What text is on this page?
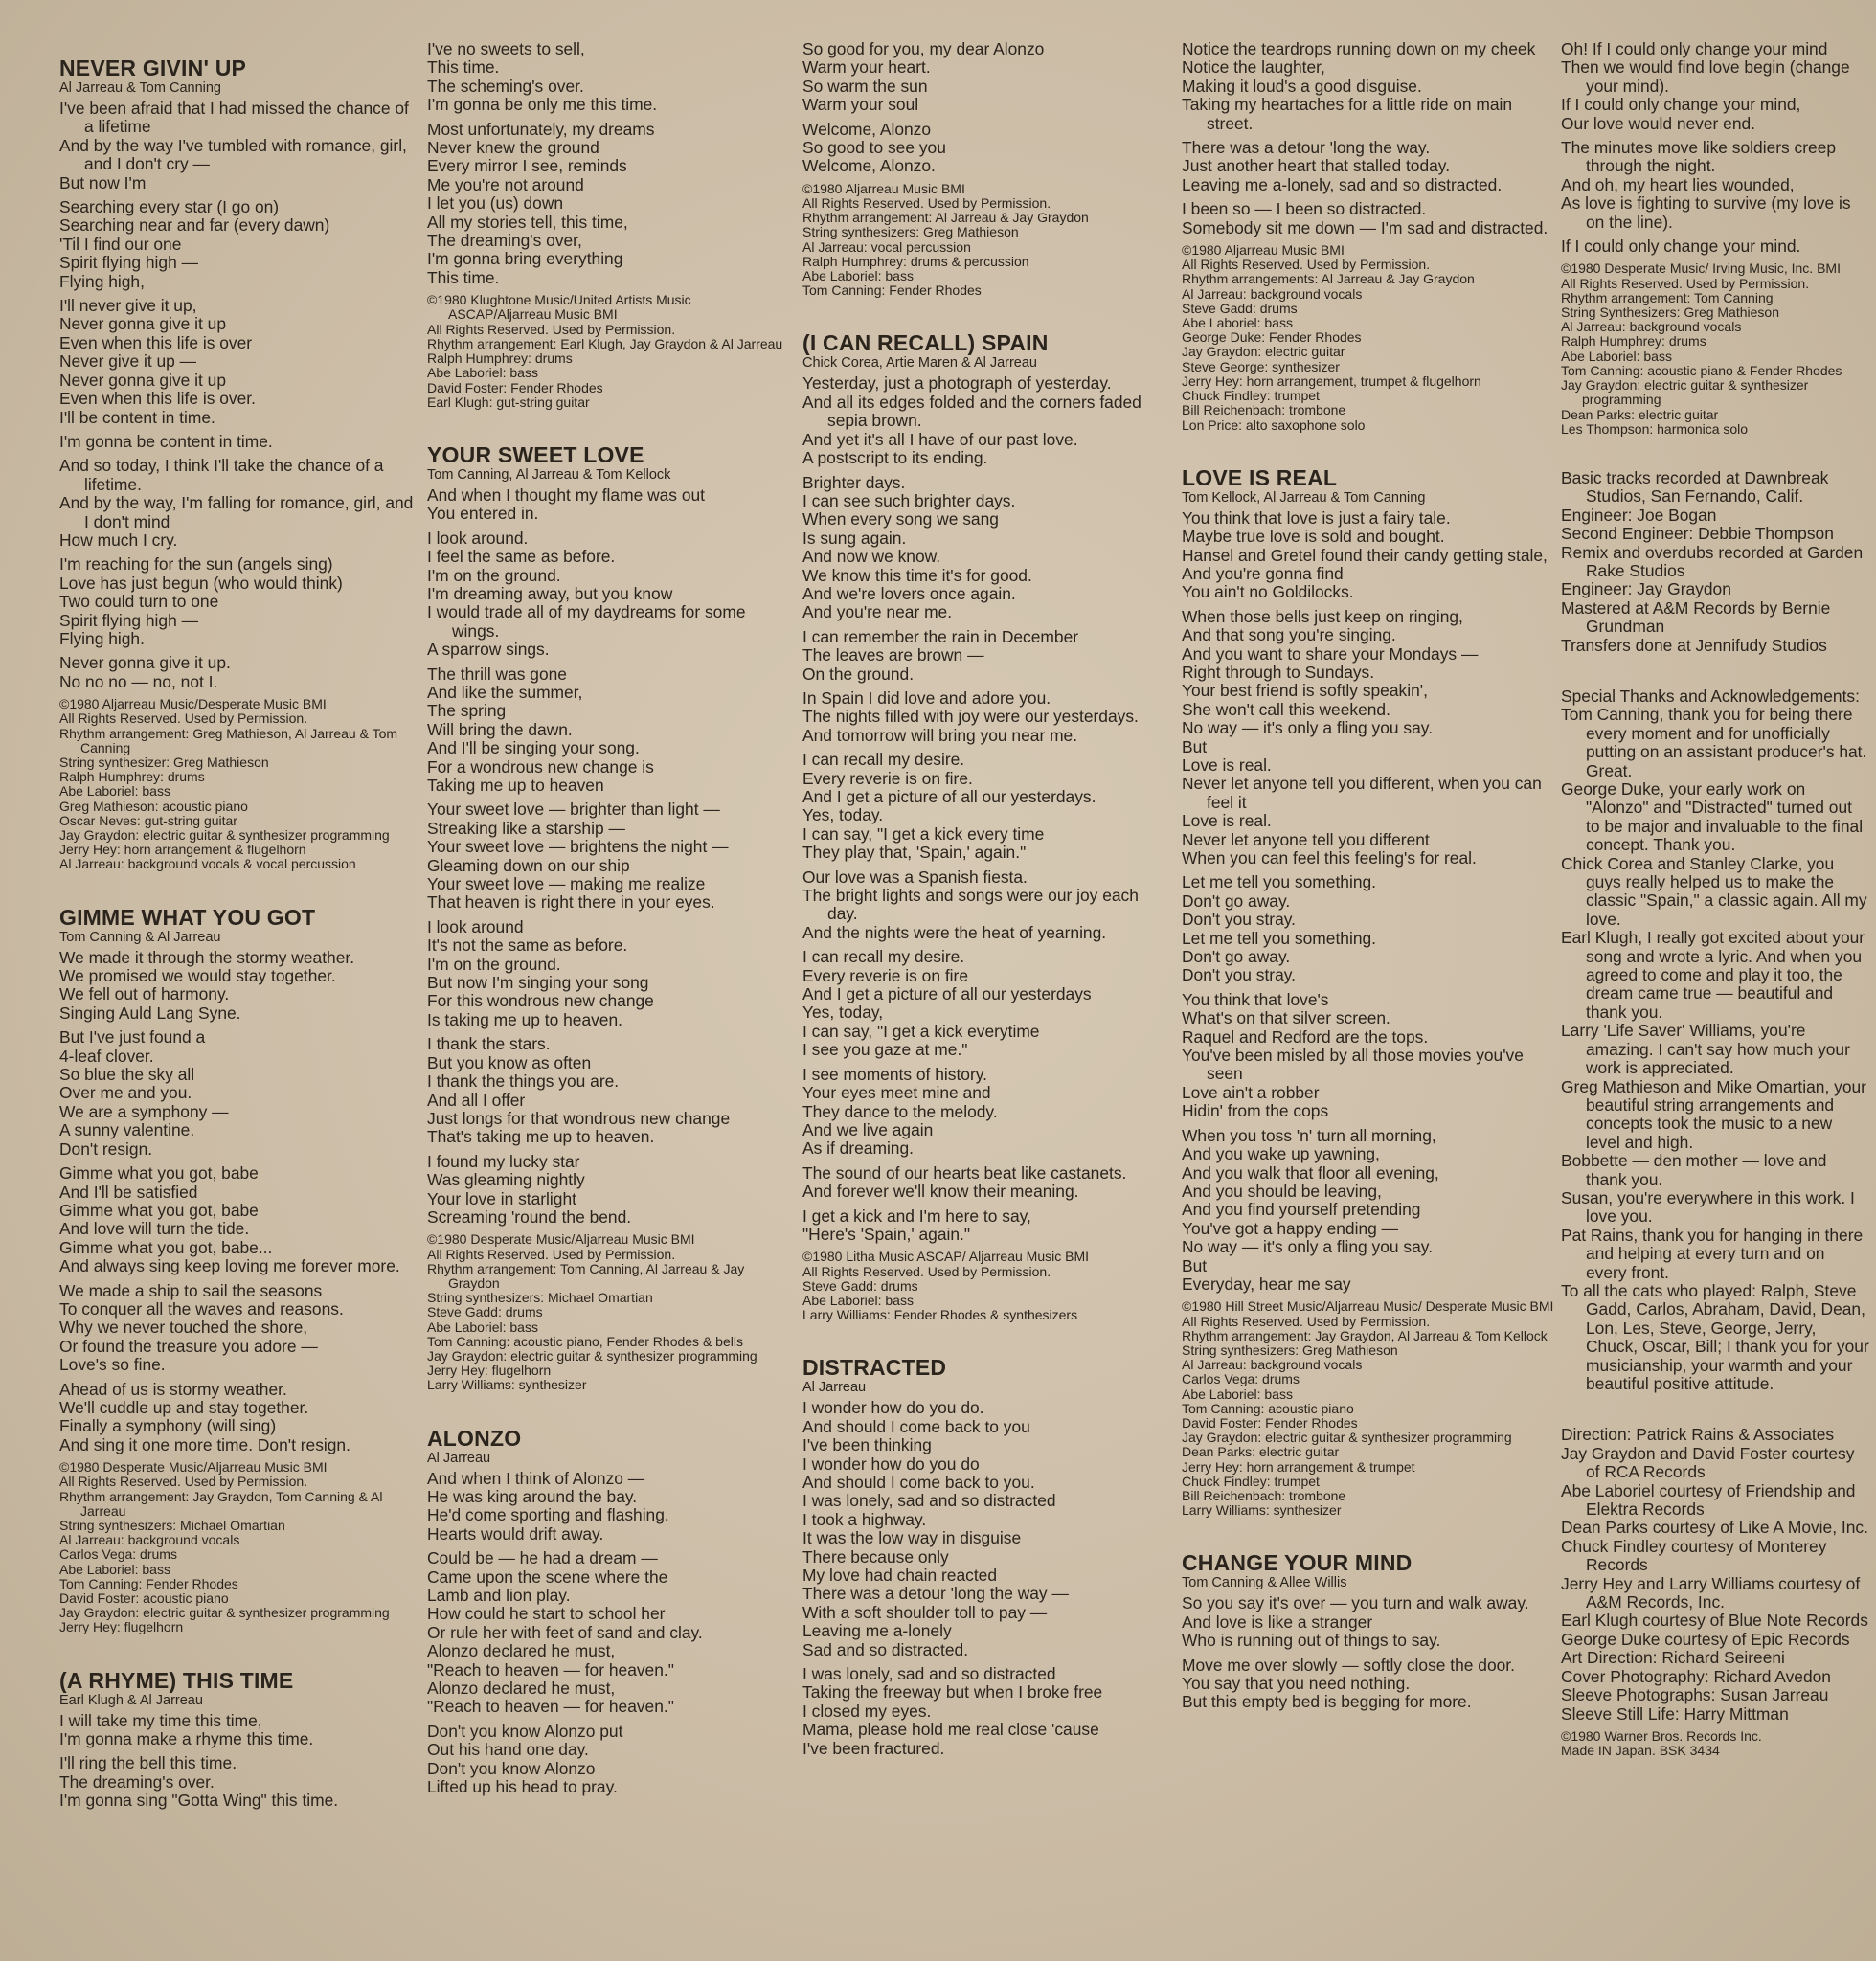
NEVER GIVIN' UP
Al Jarreau & Tom Canning
I've been afraid that I had missed the chance of a lifetime
And by the way I've tumbled with romance, girl, and I don't cry —
But now I'm
Searching every star (I go on)
Searching near and far (every dawn)
'Til I find our one
Spirit flying high —
Flying high,
I'll never give it up,
Never gonna give it up
Even when this life is over
Never give it up —
Never gonna give it up
Even when this life is over.
I'll be content in time.
I'm gonna be content in time.
And so today, I think I'll take the chance of a lifetime.
And by the way, I'm falling for romance, girl, and I don't mind
How much I cry.
I'm reaching for the sun (angels sing)
Love has just begun (who would think)
Two could turn to one
Spirit flying high —
Flying high.
Never gonna give it up.
No no no — no, not I.
©1980 Aljarreau Music/Desperate Music BMI
All Rights Reserved. Used by Permission.
Rhythm arrangement: Greg Mathieson, Al Jarreau & Tom Canning
String synthesizer: Greg Mathieson
Ralph Humphrey: drums
Abe Laboriel: bass
Greg Mathieson: acoustic piano
Oscar Neves: gut-string guitar
Jay Graydon: electric guitar & synthesizer programming
Jerry Hey: horn arrangement & flugelhorn
Al Jarreau: background vocals & vocal percussion
GIMME WHAT YOU GOT
Tom Canning & Al Jarreau
We made it through the stormy weather.
We promised we would stay together.
We fell out of harmony.
Singing Auld Lang Syne.
But I've just found a
4-leaf clover.
So blue the sky all
Over me and you.
We are a symphony —
A sunny valentine.
Don't resign.
Gimme what you got, babe
And I'll be satisfied
Gimme what you got, babe
And love will turn the tide.
Gimme what you got, babe...
And always sing keep loving me forever more.
We made a ship to sail the seasons
To conquer all the waves and reasons.
Why we never touched the shore,
Or found the treasure you adore —
Love's so fine.
Ahead of us is stormy weather.
We'll cuddle up and stay together.
Finally a symphony (will sing)
And sing it one more time. Don't resign.
©1980 Desperate Music/Aljarreau Music BMI
All Rights Reserved. Used by Permission.
Rhythm arrangement: Jay Graydon, Tom Canning & Al Jarreau
String synthesizers: Michael Omartian
Al Jarreau: background vocals
Carlos Vega: drums
Abe Laboriel: bass
Tom Canning: Fender Rhodes
David Foster: acoustic piano
Jay Graydon: electric guitar & synthesizer programming
Jerry Hey: flugelhorn
(A RHYME) THIS TIME
Earl Klugh & Al Jarreau
I will take my time this time,
I'm gonna make a rhyme this time.
I'll ring the bell this time.
The dreaming's over.
I'm gonna sing "Gotta Wing" this time.
I've no sweets to sell,
This time.
The scheming's over.
I'm gonna be only me this time.
Most unfortunately, my dreams
Never knew the ground
Every mirror I see, reminds
Me you're not around
I let you (us) down
All my stories tell, this time,
The dreaming's over,
I'm gonna bring everything
This time.
©1980 Klughtone Music/United Artists Music ASCAP/Aljarreau Music BMI
All Rights Reserved. Used by Permission.
Rhythm arrangement: Earl Klugh, Jay Graydon & Al Jarreau
Ralph Humphrey: drums
Abe Laboriel: bass
David Foster: Fender Rhodes
Earl Klugh: gut-string guitar
YOUR SWEET LOVE
Tom Canning, Al Jarreau & Tom Kellock
And when I thought my flame was out
You entered in.
I look around.
I feel the same as before.
I'm on the ground.
I'm dreaming away, but you know
I would trade all of my daydreams for some wings.
A sparrow sings.
The thrill was gone
And like the summer,
The spring
Will bring the dawn.
And I'll be singing your song.
For a wondrous new change is
Taking me up to heaven
Your sweet love — brighter than light —
Streaking like a starship —
Your sweet love — brightens the night —
Gleaming down on our ship
Your sweet love — making me realize
That heaven is right there in your eyes.
I look around
It's not the same as before.
I'm on the ground.
But now I'm singing your song
For this wondrous new change
Is taking me up to heaven.
I thank the stars.
But you know as often
I thank the things you are.
And all I offer
Just longs for that wondrous new change
That's taking me up to heaven.
I found my lucky star
Was gleaming nightly
Your love in starlight
Screaming 'round the bend.
©1980 Desperate Music/Aljarreau Music BMI
All Rights Reserved. Used by Permission.
Rhythm arrangement: Tom Canning, Al Jarreau & Jay Graydon
String synthesizers: Michael Omartian
Steve Gadd: drums
Abe Laboriel: bass
Tom Canning: acoustic piano, Fender Rhodes & bells
Jay Graydon: electric guitar & synthesizer programming
Jerry Hey: flugelhorn
Larry Williams: synthesizer
ALONZO
Al Jarreau
And when I think of Alonzo —
He was king around the bay.
He'd come sporting and flashing.
Hearts would drift away.
Could be — he had a dream —
Came upon the scene where the
Lamb and lion play.
How could he start to school her
Or rule her with feet of sand and clay.
Alonzo declared he must,
"Reach to heaven — for heaven."
Alonzo declared he must,
"Reach to heaven — for heaven."
Don't you know Alonzo put
Out his hand one day.
Don't you know Alonzo
Lifted up his head to pray.
So good for you, my dear Alonzo
Warm your heart.
So warm the sun
Warm your soul
Welcome, Alonzo
So good to see you
Welcome, Alonzo.
©1980 Aljarreau Music BMI
All Rights Reserved. Used by Permission.
Rhythm arrangement: Al Jarreau & Jay Graydon
String synthesizers: Greg Mathieson
Al Jarreau: vocal percussion
Ralph Humphrey: drums & percussion
Abe Laboriel: bass
Tom Canning: Fender Rhodes
(I CAN RECALL) SPAIN
Chick Corea, Artie Maren & Al Jarreau
Yesterday, just a photograph of yesterday.
And all its edges folded and the corners faded sepia brown.
And yet it's all I have of our past love.
A postscript to its ending.
Brighter days.
I can see such brighter days.
When every song we sang
Is sung again.
And now we know.
We know this time it's for good.
And we're lovers once again.
And you're near me.
I can remember the rain in December
The leaves are brown —
On the ground.
In Spain I did love and adore you.
The nights filled with joy were our yesterdays.
And tomorrow will bring you near me.
I can recall my desire.
Every reverie is on fire.
And I get a picture of all our yesterdays.
Yes, today.
I can say, "I get a kick every time
They play that, 'Spain,' again."
Our love was a Spanish fiesta.
The bright lights and songs were our joy each day.
And the nights were the heat of yearning.
I can recall my desire.
Every reverie is on fire
And I get a picture of all our yesterdays
Yes, today,
I can say, "I get a kick everytime
I see you gaze at me."
I see moments of history.
Your eyes meet mine and
They dance to the melody.
And we live again
As if dreaming.
The sound of our hearts beat like castanets.
And forever we'll know their meaning.
I get a kick and I'm here to say,
"Here's 'Spain,' again."
©1980 Litha Music ASCAP/ Aljarreau Music BMI
All Rights Reserved. Used by Permission.
Steve Gadd: drums
Abe Laboriel: bass
Larry Williams: Fender Rhodes & synthesizers
DISTRACTED
Al Jarreau
I wonder how do you do.
And should I come back to you
I've been thinking
I wonder how do you do
And should I come back to you.
I was lonely, sad and so distracted
I took a highway.
It was the low way in disguise
There because only
My love had chain reacted
There was a detour 'long the way —
With a soft shoulder toll to pay —
Leaving me a-lonely
Sad and so distracted.
I was lonely, sad and so distracted
Taking the freeway but when I broke free
I closed my eyes.
Mama, please hold me real close 'cause
I've been fractured.
Notice the teardrops running down on my cheek
Notice the laughter,
Making it loud's a good disguise.
Taking my heartaches for a little ride on main street.
There was a detour 'long the way.
Just another heart that stalled today.
Leaving me a-lonely, sad and so distracted.
I been so — I been so distracted.
Somebody sit me down — I'm sad and distracted.
©1980 Aljarreau Music BMI
All Rights Reserved. Used by Permission.
Rhythm arrangements: Al Jarreau & Jay Graydon
Al Jarreau: background vocals
Steve Gadd: drums
Abe Laboriel: bass
George Duke: Fender Rhodes
Jay Graydon: electric guitar
Steve George: synthesizer
Jerry Hey: horn arrangement, trumpet & flugelhorn
Chuck Findley: trumpet
Bill Reichenbach: trombone
Lon Price: alto saxophone solo
LOVE IS REAL
Tom Kellock, Al Jarreau & Tom Canning
You think that love is just a fairy tale.
Maybe true love is sold and bought.
Hansel and Gretel found their candy getting stale,
And you're gonna find
You ain't no Goldilocks.
When those bells just keep on ringing,
And that song you're singing.
And you want to share your Mondays —
Right through to Sundays.
Your best friend is softly speakin',
She won't call this weekend.
No way — it's only a fling you say.
But
Love is real.
Never let anyone tell you different, when you can feel it
Love is real.
Never let anyone tell you different
When you can feel this feeling's for real.
Let me tell you something.
Don't go away.
Don't you stray.
Let me tell you something.
Don't go away.
Don't you stray.
You think that love's
What's on that silver screen.
Raquel and Redford are the tops.
You've been misled by all those movies you've seen
Love ain't a robber
Hidin' from the cops
When you toss 'n' turn all morning,
And you wake up yawning,
And you walk that floor all evening,
And you should be leaving,
And you find yourself pretending
You've got a happy ending —
No way — it's only a fling you say.
But
Everyday, hear me say
©1980 Hill Street Music/Aljarreau Music/ Desperate Music BMI
All Rights Reserved. Used by Permission.
Rhythm arrangement: Jay Graydon, Al Jarreau & Tom Kellock
String synthesizers: Greg Mathieson
Al Jarreau: background vocals
Carlos Vega: drums
Abe Laboriel: bass
Tom Canning: acoustic piano
David Foster: Fender Rhodes
Jay Graydon: electric guitar & synthesizer programming
Dean Parks: electric guitar
Jerry Hey: horn arrangement & trumpet
Chuck Findley: trumpet
Bill Reichenbach: trombone
Larry Williams: synthesizer
CHANGE YOUR MIND
Tom Canning & Allee Willis
So you say it's over — you turn and walk away.
And love is like a stranger
Who is running out of things to say.
Move me over slowly — softly close the door.
You say that you need nothing.
But this empty bed is begging for more.
Oh! If I could only change your mind
Then we would find love begin (change your mind).
If I could only change your mind,
Our love would never end.
The minutes move like soldiers creep through the night.
And oh, my heart lies wounded,
As love is fighting to survive (my love is on the line).
If I could only change your mind.
©1980 Desperate Music/ Irving Music, Inc. BMI
All Rights Reserved. Used by Permission.
Rhythm arrangement: Tom Canning
String Synthesizers: Greg Mathieson
Al Jarreau: background vocals
Ralph Humphrey: drums
Abe Laboriel: bass
Tom Canning: acoustic piano & Fender Rhodes
Jay Graydon: electric guitar & synthesizer programming
Dean Parks: electric guitar
Les Thompson: harmonica solo
Basic tracks recorded at Dawnbreak Studios, San Fernando, Calif.
Engineer: Joe Bogan
Second Engineer: Debbie Thompson
Remix and overdubs recorded at Garden Rake Studios
Engineer: Jay Graydon
Mastered at A&M Records by Bernie Grundman
Transfers done at Jennifudy Studios
Special Thanks and Acknowledgements:
Tom Canning, thank you for being there every moment and for unofficially putting on an assistant producer's hat. Great.
George Duke, your early work on "Alonzo" and "Distracted" turned out to be major and invaluable to the final concept. Thank you.
Chick Corea and Stanley Clarke, you guys really helped us to make the classic "Spain," a classic again. All my love.
Earl Klugh, I really got excited about your song and wrote a lyric. And when you agreed to come and play it too, the dream came true — beautiful and thank you.
Larry 'Life Saver' Williams, you're amazing. I can't say how much your work is appreciated.
Greg Mathieson and Mike Omartian, your beautiful string arrangements and concepts took the music to a new level and high.
Bobbette — den mother — love and thank you.
Susan, you're everywhere in this work. I love you.
Pat Rains, thank you for hanging in there and helping at every turn and on every front.
To all the cats who played: Ralph, Steve Gadd, Carlos, Abraham, David, Dean, Lon, Les, Steve, George, Jerry, Chuck, Oscar, Bill; I thank you for your musicianship, your warmth and your beautiful positive attitude.
Direction: Patrick Rains & Associates
Jay Graydon and David Foster courtesy of RCA Records
Abe Laboriel courtesy of Friendship and Elektra Records
Dean Parks courtesy of Like A Movie, Inc.
Chuck Findley courtesy of Monterey Records
Jerry Hey and Larry Williams courtesy of A&M Records, Inc.
Earl Klugh courtesy of Blue Note Records
George Duke courtesy of Epic Records
Art Direction: Richard Seireeni
Cover Photography: Richard Avedon
Sleeve Photographs: Susan Jarreau
Sleeve Still Life: Harry Mittman
©1980 Warner Bros. Records Inc.
Made IN Japan. BSK 3434
